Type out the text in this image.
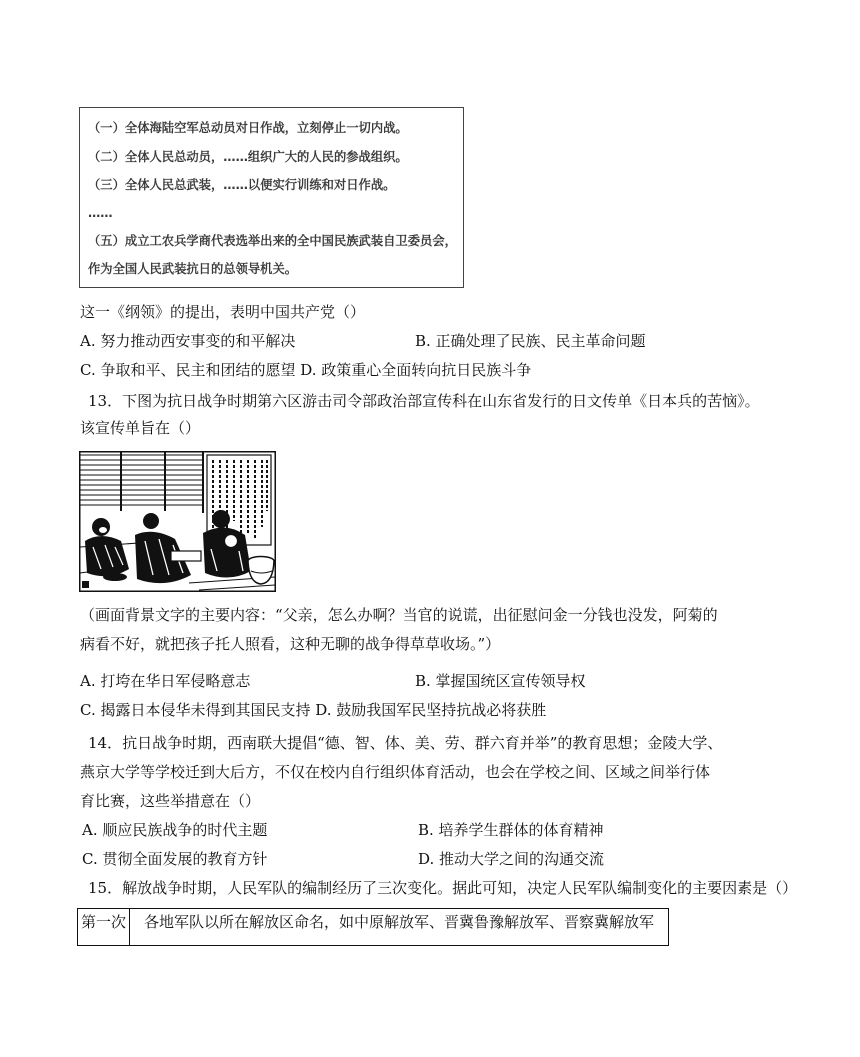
（一）全体海陆空军总动员对日作战，立刻停止一切内战。
（二）全体人民总动员，……组织广大的人民的参战组织。
（三）全体人民总武装，……以便实行训练和对日作战。
……
（五）成立工农兵学商代表选举出来的全中国民族武装自卫委员会，
作为全国人民武装抗日的总领导机关。
这一《纲领》的提出，表明中国共产党（）
A. 努力推动西安事变的和平解决	B. 正确处理了民族、民主革命问题
C. 争取和平、民主和团结的愿望 D. 政策重心全面转向抗日民族斗争
13．下图为抗日战争时期第六区游击司令部政治部宣传科在山东省发行的日文传单《日本兵的苦恼》。
该宣传单旨在（）
（画面背景文字的主要内容：“父亲，怎么办啊？当官的说谎，出征慰问金一分钱也没发，阿菊的
病看不好，就把孩子托人照看，这种无聊的战争得草草收场。”）
A. 打垮在华日军侵略意志	B. 掌握国统区宣传领导权
C. 揭露日本侵华未得到其国民支持 D. 鼓励我国军民坚持抗战必将获胜
14．抗日战争时期，西南联大提倡“德、智、体、美、劳、群六育并举”的教育思想；金陵大学、
燕京大学等学校迁到大后方，不仅在校内自行组织体育活动，也会在学校之间、区域之间举行体
育比赛，这些举措意在（）
A. 顺应民族战争的时代主题	B. 培养学生群体的体育精神
C. 贯彻全面发展的教育方针	D. 推动大学之间的沟通交流
15．解放战争时期，人民军队的编制经历了三次变化。据此可知，决定人民军队编制变化的主要因素是（）
第一次	各地军队以所在解放区命名，如中原解放军、晋冀鲁豫解放军、晋察冀解放军
